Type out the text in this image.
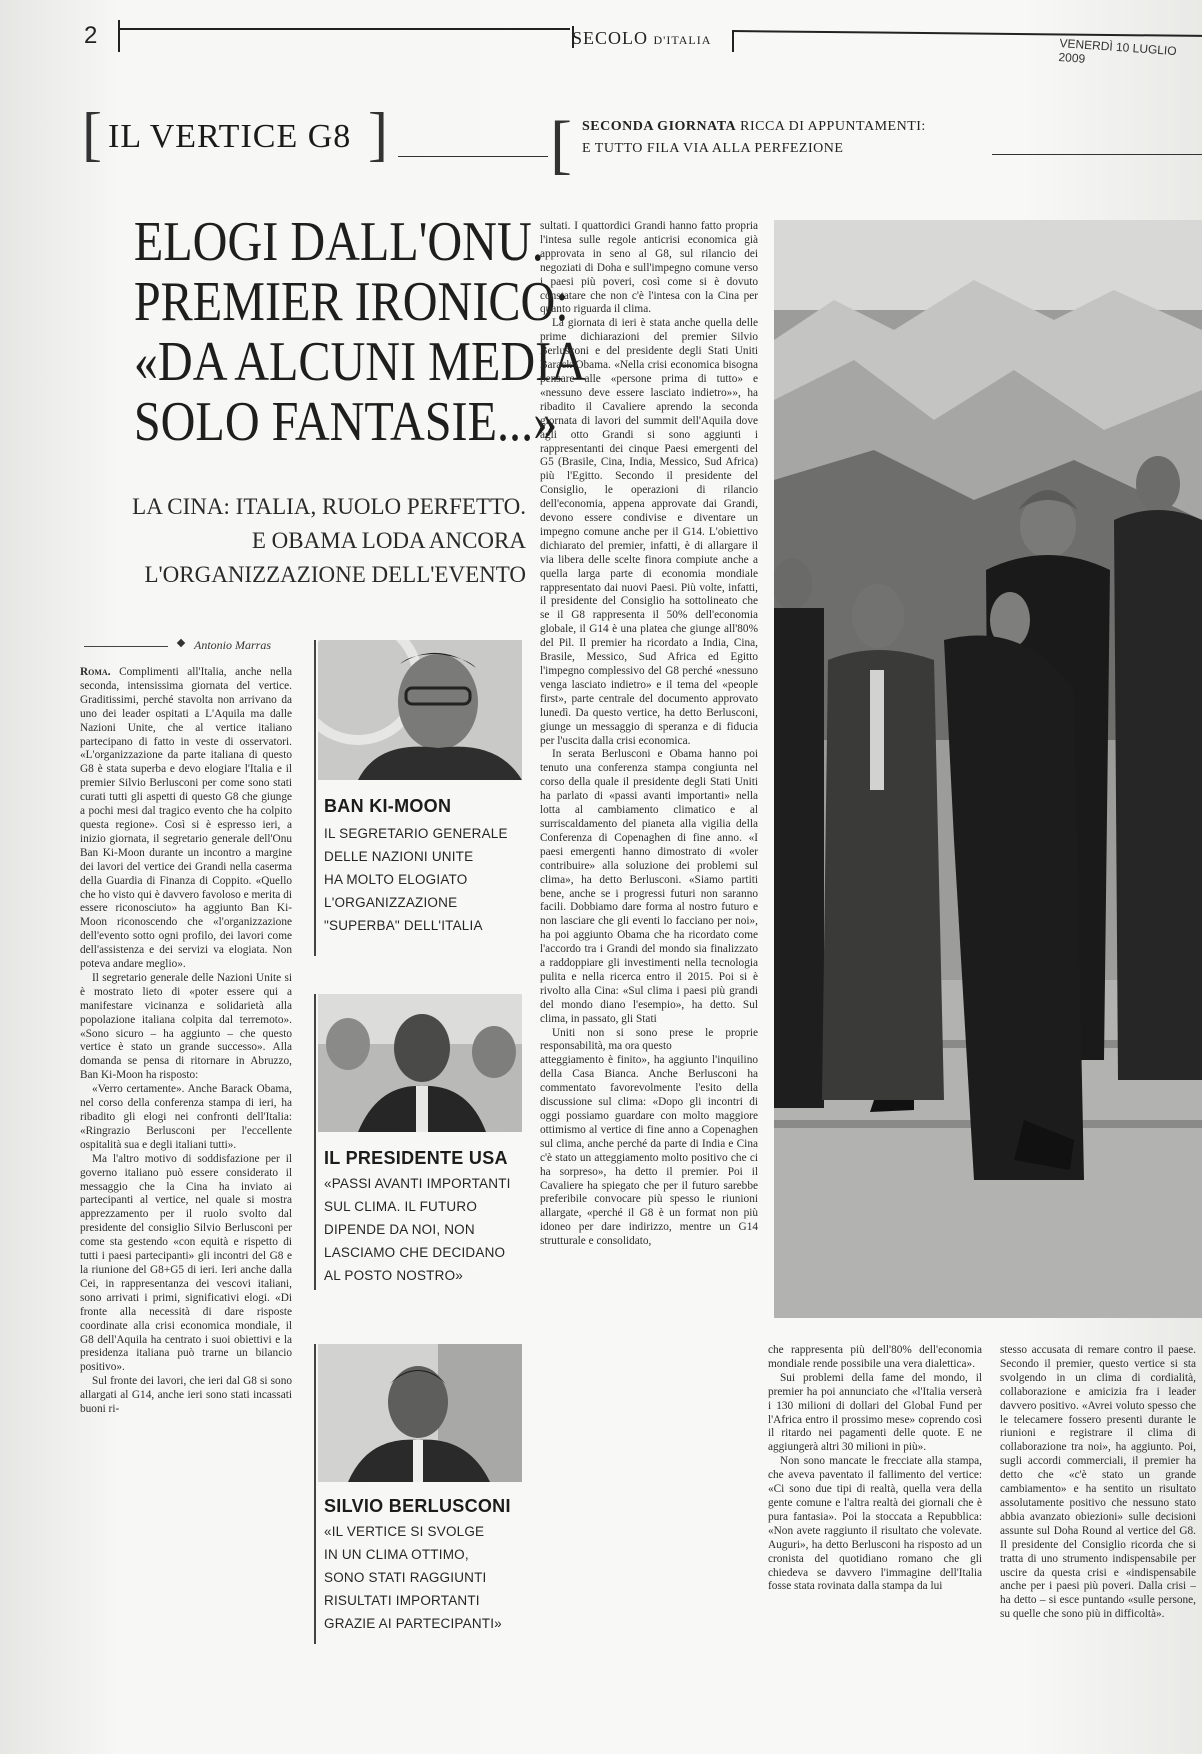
2	SECOLO D'ITALIA	VENERDÌ 10 LUGLIO 2009
[ IL VERTICE G8 ] [ SECONDA GIORNATA RICCA DI APPUNTAMENTI:
E TUTTO FILA VIA ALLA PERFEZIONE
ELOGI DALL'ONU.
PREMIER IRONICO:
«DA ALCUNI MEDIA
SOLO FANTASIE...»
LA CINA: ITALIA, RUOLO PERFETTO.
E OBAMA LODA ANCORA
L'ORGANIZZAZIONE DELL'EVENTO
Antonio Marras

Roma. Complimenti all'Italia, anche nella seconda, intensissima giornata del vertice. Graditissimi, perché stavolta non arrivano da uno dei leader ospitati a L'Aquila ma dalle Nazioni Unite, che al vertice italiano partecipano di fatto in veste di osservatori. «L'organizzazione da parte italiana di questo G8 è stata superba e devo elogiare l'Italia e il premier Silvio Berlusconi per come sono stati curati tutti gli aspetti di questo G8 che giunge a pochi mesi dal tragico evento che ha colpito questa regione». Così si è espresso ieri, a inizio giornata, il segretario generale dell'Onu Ban Ki-Moon durante un incontro a margine dei lavori del vertice dei Grandi nella caserma della Guardia di Finanza di Coppito. «Quello che ho visto qui è davvero favoloso e merita di essere riconosciuto» ha aggiunto Ban Ki-Moon riconoscendo che «l'organizzazione dell'evento sotto ogni profilo, dei lavori come dell'assistenza e dei servizi va elogiata. Non poteva andare meglio».

Il segretario generale delle Nazioni Unite si è mostrato lieto di «poter essere qui a manifestare vicinanza e solidarietà alla popolazione italiana colpita dal terremoto». «Sono sicuro – ha aggiunto – che questo vertice è stato un grande successo». Alla domanda se pensa di ritornare in Abruzzo, Ban Ki-Moon ha risposto:

«Verro certamente». Anche Barack Obama, nel corso della conferenza stampa di ieri, ha ribadito gli elogi nei confronti dell'Italia: «Ringrazio Berlusconi per l'eccellente ospitalità sua e degli italiani tutti».

Ma l'altro motivo di soddisfazione per il governo italiano può essere considerato il messaggio che la Cina ha inviato ai partecipanti al vertice, nel quale si mostra apprezzamento per il ruolo svolto dal presidente del consiglio Silvio Berlusconi per come sta gestendo «con equità e rispetto di tutti i paesi partecipanti» gli incontri del G8 e la riunione del G8+G5 di ieri. Ieri anche dalla Cei, in rappresentanza dei vescovi italiani, sono arrivati i primi, significativi elogi. «Di fronte alla necessità di dare risposte coordinate alla crisi economica mondiale, il G8 dell'Aquila ha centrato i suoi obiettivi e la presidenza italiana può trarne un bilancio positivo».

Sul fronte dei lavori, che ieri dal G8 si sono allargati al G14, anche ieri sono stati incassati buoni ri-

BAN KI-MOON
IL SEGRETARIO GENERALE
DELLE NAZIONI UNITE
HA MOLTO ELOGIATO
L'ORGANIZZAZIONE
"SUPERBA" DELL'ITALIA
IL PRESIDENTE USA
«PASSI AVANTI IMPORTANTI
SUL CLIMA. IL FUTURO
DIPENDE DA NOI, NON
LASCIAMO CHE DECIDANO
AL POSTO NOSTRO»
SILVIO BERLUSCONI
«IL VERTICE SI SVOLGE
IN UN CLIMA OTTIMO,
SONO STATI RAGGIUNTI
RISULTATI IMPORTANTI
GRAZIE AI PARTECIPANTI»

sultati. I quattordici Grandi hanno fatto propria l'intesa sulle regole anticrisi economica già approvata in seno al G8, sul rilancio dei negoziati di Doha e sull'impegno comune verso i paesi più poveri, così come si è dovuto constatare che non c'è l'intesa con la Cina per quanto riguarda il clima.

La giornata di ieri è stata anche quella delle prime dichiarazioni del premier Silvio Berlusconi e del presidente degli Stati Uniti Barack Obama. «Nella crisi economica bisogna pensare alle «persone prima di tutto» e «nessuno deve essere lasciato indietro»», ha ribadito il Cavaliere aprendo la seconda giornata di lavori del summit dell'Aquila dove agli otto Grandi si sono aggiunti i rappresentanti dei cinque Paesi emergenti del G5 (Brasile, Cina, India, Messico, Sud Africa) più l'Egitto. Secondo il presidente del Consiglio, le operazioni di rilancio dell'economia, appena approvate dai Grandi, devono essere condivise e diventare un impegno comune anche per il G14. L'obiettivo dichiarato del premier, infatti, è di allargare il via libera delle scelte finora compiute anche a quella larga parte di economia mondiale rappresentato dai nuovi Paesi. Più volte, infatti, il presidente del Consiglio ha sottolineato che se il G8 rappresenta il 50% dell'economia globale, il G14 è una platea che giunge all'80% del Pil. Il premier ha ricordato a India, Cina, Brasile, Messico, Sud Africa ed Egitto l'impegno complessivo del G8 perché «nessuno venga lasciato indietro» e il tema del «people first», parte centrale del documento approvato lunedì. Da questo vertice, ha detto Berlusconi, giunge un messaggio di speranza e di fiducia per l'uscita dalla crisi economica.

In serata Berlusconi e Obama hanno poi tenuto una conferenza stampa congiunta nel corso della quale il presidente degli Stati Uniti ha parlato di «passi avanti importanti» nella lotta al cambiamento climatico e al surriscaldamento del pianeta alla vigilia della Conferenza di Copenaghen di fine anno. «I paesi emergenti hanno dimostrato di «voler contribuire» alla soluzione dei problemi sul clima», ha detto Berlusconi. «Siamo partiti bene, anche se i progressi futuri non saranno facili. Dobbiamo dare forma al nostro futuro e non lasciare che gli eventi lo facciano per noi», ha poi aggiunto Obama che ha ricordato come l'accordo tra i Grandi del mondo sia finalizzato a raddoppiare gli investimenti nella tecnologia pulita e nella ricerca entro il 2015. Poi si è rivolto alla Cina: «Sul clima i paesi più grandi del mondo diano l'esempio», ha detto. Sul clima, in passato, gli Stati

Uniti non si sono prese le proprie responsabilità, ma ora questo

atteggiamento è finito», ha aggiunto l'inquilino della Casa Bianca. Anche Berlusconi ha commentato favorevolmente l'esito della discussione sul clima: «Dopo gli incontri di oggi possiamo guardare con molto maggiore ottimismo al vertice di fine anno a Copenaghen sul clima, anche perché da parte di India e Cina c'è stato un atteggiamento molto positivo che ci ha sorpreso», ha detto il premier. Poi il Cavaliere ha spiegato che per il futuro sarebbe preferibile convocare più spesso le riunioni allargate, «perché il G8 è un format non più idoneo per dare indirizzo, mentre un G14 strutturale e consolidato,

che rappresenta più dell'80% dell'economia mondiale rende possibile una vera dialettica».

Sui problemi della fame del mondo, il premier ha poi annunciato che «l'Italia verserà i 130 milioni di dollari del Global Fund per l'Africa entro il prossimo mese» coprendo così il ritardo nei pagamenti delle quote. E ne aggiungerà altri 30 milioni in più».

Non sono mancate le frecciate alla stampa, che aveva paventato il fallimento del vertice: «Ci sono due tipi di realtà, quella vera della gente comune e l'altra realtà dei giornali che è pura fantasia». Poi la stoccata a Repubblica: «Non avete raggiunto il risultato che volevate. Auguri», ha detto Berlusconi ha risposto ad un cronista del quotidiano romano che gli chiedeva se davvero l'immagine dell'Italia fosse stata rovinata dalla stampa da lui

stesso accusata di remare contro il paese. Secondo il premier, questo vertice si sta svolgendo in un clima di cordialità, collaborazione e amicizia fra i leader davvero positivo. «Avrei voluto spesso che le telecamere fossero presenti durante le riunioni e registrare il clima di collaborazione tra noi», ha aggiunto. Poi, sugli accordi commerciali, il premier ha detto che «c'è stato un grande cambiamento» e ha sentito un risultato assolutamente positivo che nessuno stato abbia avanzato obiezioni» sulle decisioni assunte sul Doha Round al vertice del G8. Il presidente del Consiglio ricorda che si tratta di uno strumento indispensabile per uscire da questa crisi e «indispensabile anche per i paesi più poveri. Dalla crisi – ha detto – si esce puntando «sulle persone, su quelle che sono più in difficoltà».
